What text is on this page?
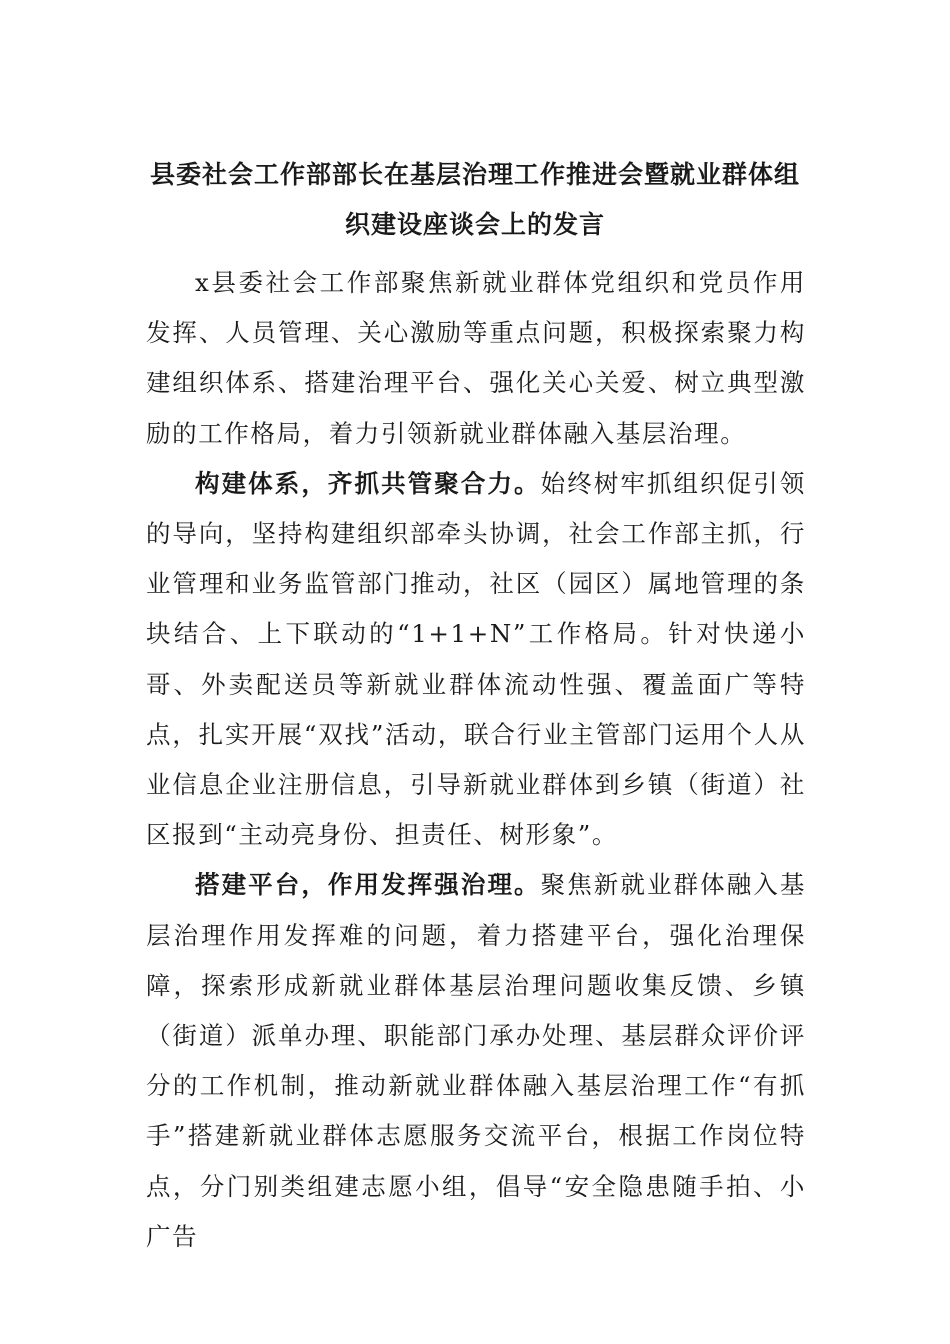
县委社会工作部部长在基层治理工作推进会暨就业群体组
织建设座谈会上的发言

x县委社会工作部聚焦新就业群体党组织和党员作用发挥、人员管理、关心激励等重点问题，积极探索聚力构建组织体系、搭建治理平台、强化关心关爱、树立典型激励的工作格局，着力引领新就业群体融入基层治理。

构建体系，齐抓共管聚合力。始终树牢抓组织促引领的导向，坚持构建组织部牵头协调，社会工作部主抓，行业管理和业务监管部门推动，社区（园区）属地管理的条块结合、上下联动的“1+1+N”工作格局。针对快递小哥、外卖配送员等新就业群体流动性强、覆盖面广等特点，扎实开展“双找”活动，联合行业主管部门运用个人从业信息企业注册信息，引导新就业群体到乡镇（街道）社区报到“主动亮身份、担责任、树形象”。

搭建平台，作用发挥强治理。聚焦新就业群体融入基层治理作用发挥难的问题，着力搭建平台，强化治理保障，探索形成新就业群体基层治理问题收集反馈、乡镇（街道）派单办理、职能部门承办处理、基层群众评价评分的工作机制，推动新就业群体融入基层治理工作“有抓手”搭建新就业群体志愿服务交流平台，根据工作岗位特点，分门别类组建志愿小组，倡导“安全隐患随手拍、小广告
